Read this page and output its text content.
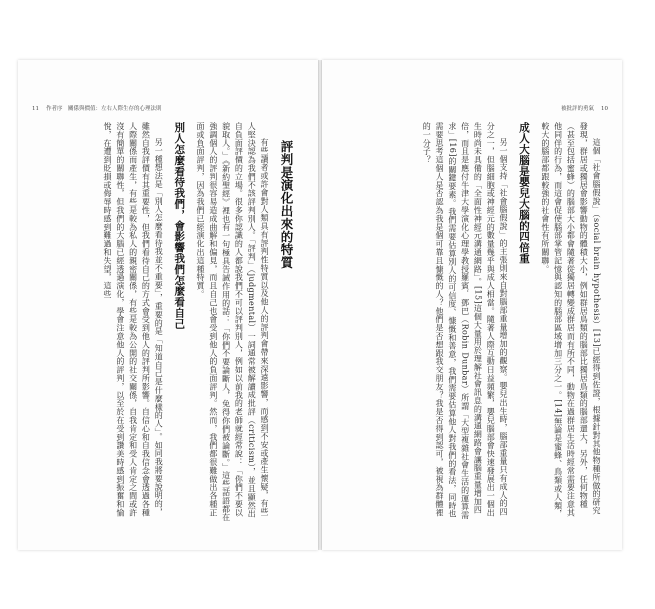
11 作者序　關係與價值：左右人際生存的心理法則
評判是演化出來的特質

有些讀者或許會對人類具有評判性特質以及他人的評判會帶來深遠影響，而感到不安或產生懷疑，有些人堅決認為我們不該評判別人。「評判」（judgmental）一詞通常被解讀成批評（criticism），並且顯然出自負面評價的立場。很多你認識的人都說我們不可以評判別人，例如以前我的老師就經常說：「你們不要以貌取人。」《新約聖經》裡也有一句極具告誡作用的話：「你們不要論斷人，免得你們被論斷。」這些話語都在強調個人的評判很容易造成曲解和偏見，而且自己也會受到他人的負面評判。然而，我們都很難做出各種正面或負面評判，因為我們已經演化出這種特質。

別人怎麼看待我們，會影響我們怎麼看自己

另一種想法是「別人怎麼看待我並不重要」，重要的是「知道自己是什麼樣的人」。如同我將要說明的，雖然自我評價有其重要性，但我們看待自己的方式會受到他人的評判所影響。自信心和自我信念會透過各種人際關係而產生，有些是較為私人的親密關係，有些是較為公開的社交關係，自我肯定和受人肯定之間或許沒有簡單的關聯性，但我們的大腦已經透過演化，學會注意他人的評判，以至於在受到讚美時感到振奮和愉悅，在遭到貶損或侮辱時感到難過和失望，這些

被批評的勇氣 10

這個「社會腦假說」（social brain hypothesis）[13]已經得到佐證，根據針對其他物種所做的研究發現，群居或獨居會影響動物的體積大小，例如群居鳥類的腦部比獨居鳥類的腦部還大，另外，任何物種（甚至包括蜜蜂）的腦部大小都會隨著從獨居轉變成群居而有所不同，動物在過群居生活時經常需要注意其他同伴的行為，而這會促使腦部掌管記憶與認知的腦部區域增加三分之一。[14]無論是蜜蜂、鳥類或人類，較大的腦部都跟較強的社會性有所關聯。

成人大腦是嬰兒大腦的四倍重

另一個支持「社會腦假說」的主張則來自對腦部重量增加的觀察。嬰兒出生時，腦部重量只有成人的四分之一，但腦細胞或神經元的數量幾乎與成人相當。隨著人際互動日益頻繁，嬰兒腦部會快速發展出一個出生時尚未具備的「全面性神經元溝通網路」。[15]這個大量用於理解社會訊息的溝通網路會讓腦重量增加四倍，而且是應付牛津大學演化心理學教授羅賓．鄧巴（Robin Dunbar）所謂「大型複雜社會生活的運算需求」[16]的關鍵要素。我們需要估算別人的可信度、慷慨和善意，我們需要估算他人對我們的看法，同時也需要思考這個人是否認為我是個可靠且慷慨的人？他們是否想跟我交朋友？我是否得到認可，被視為群體裡的一分子？
